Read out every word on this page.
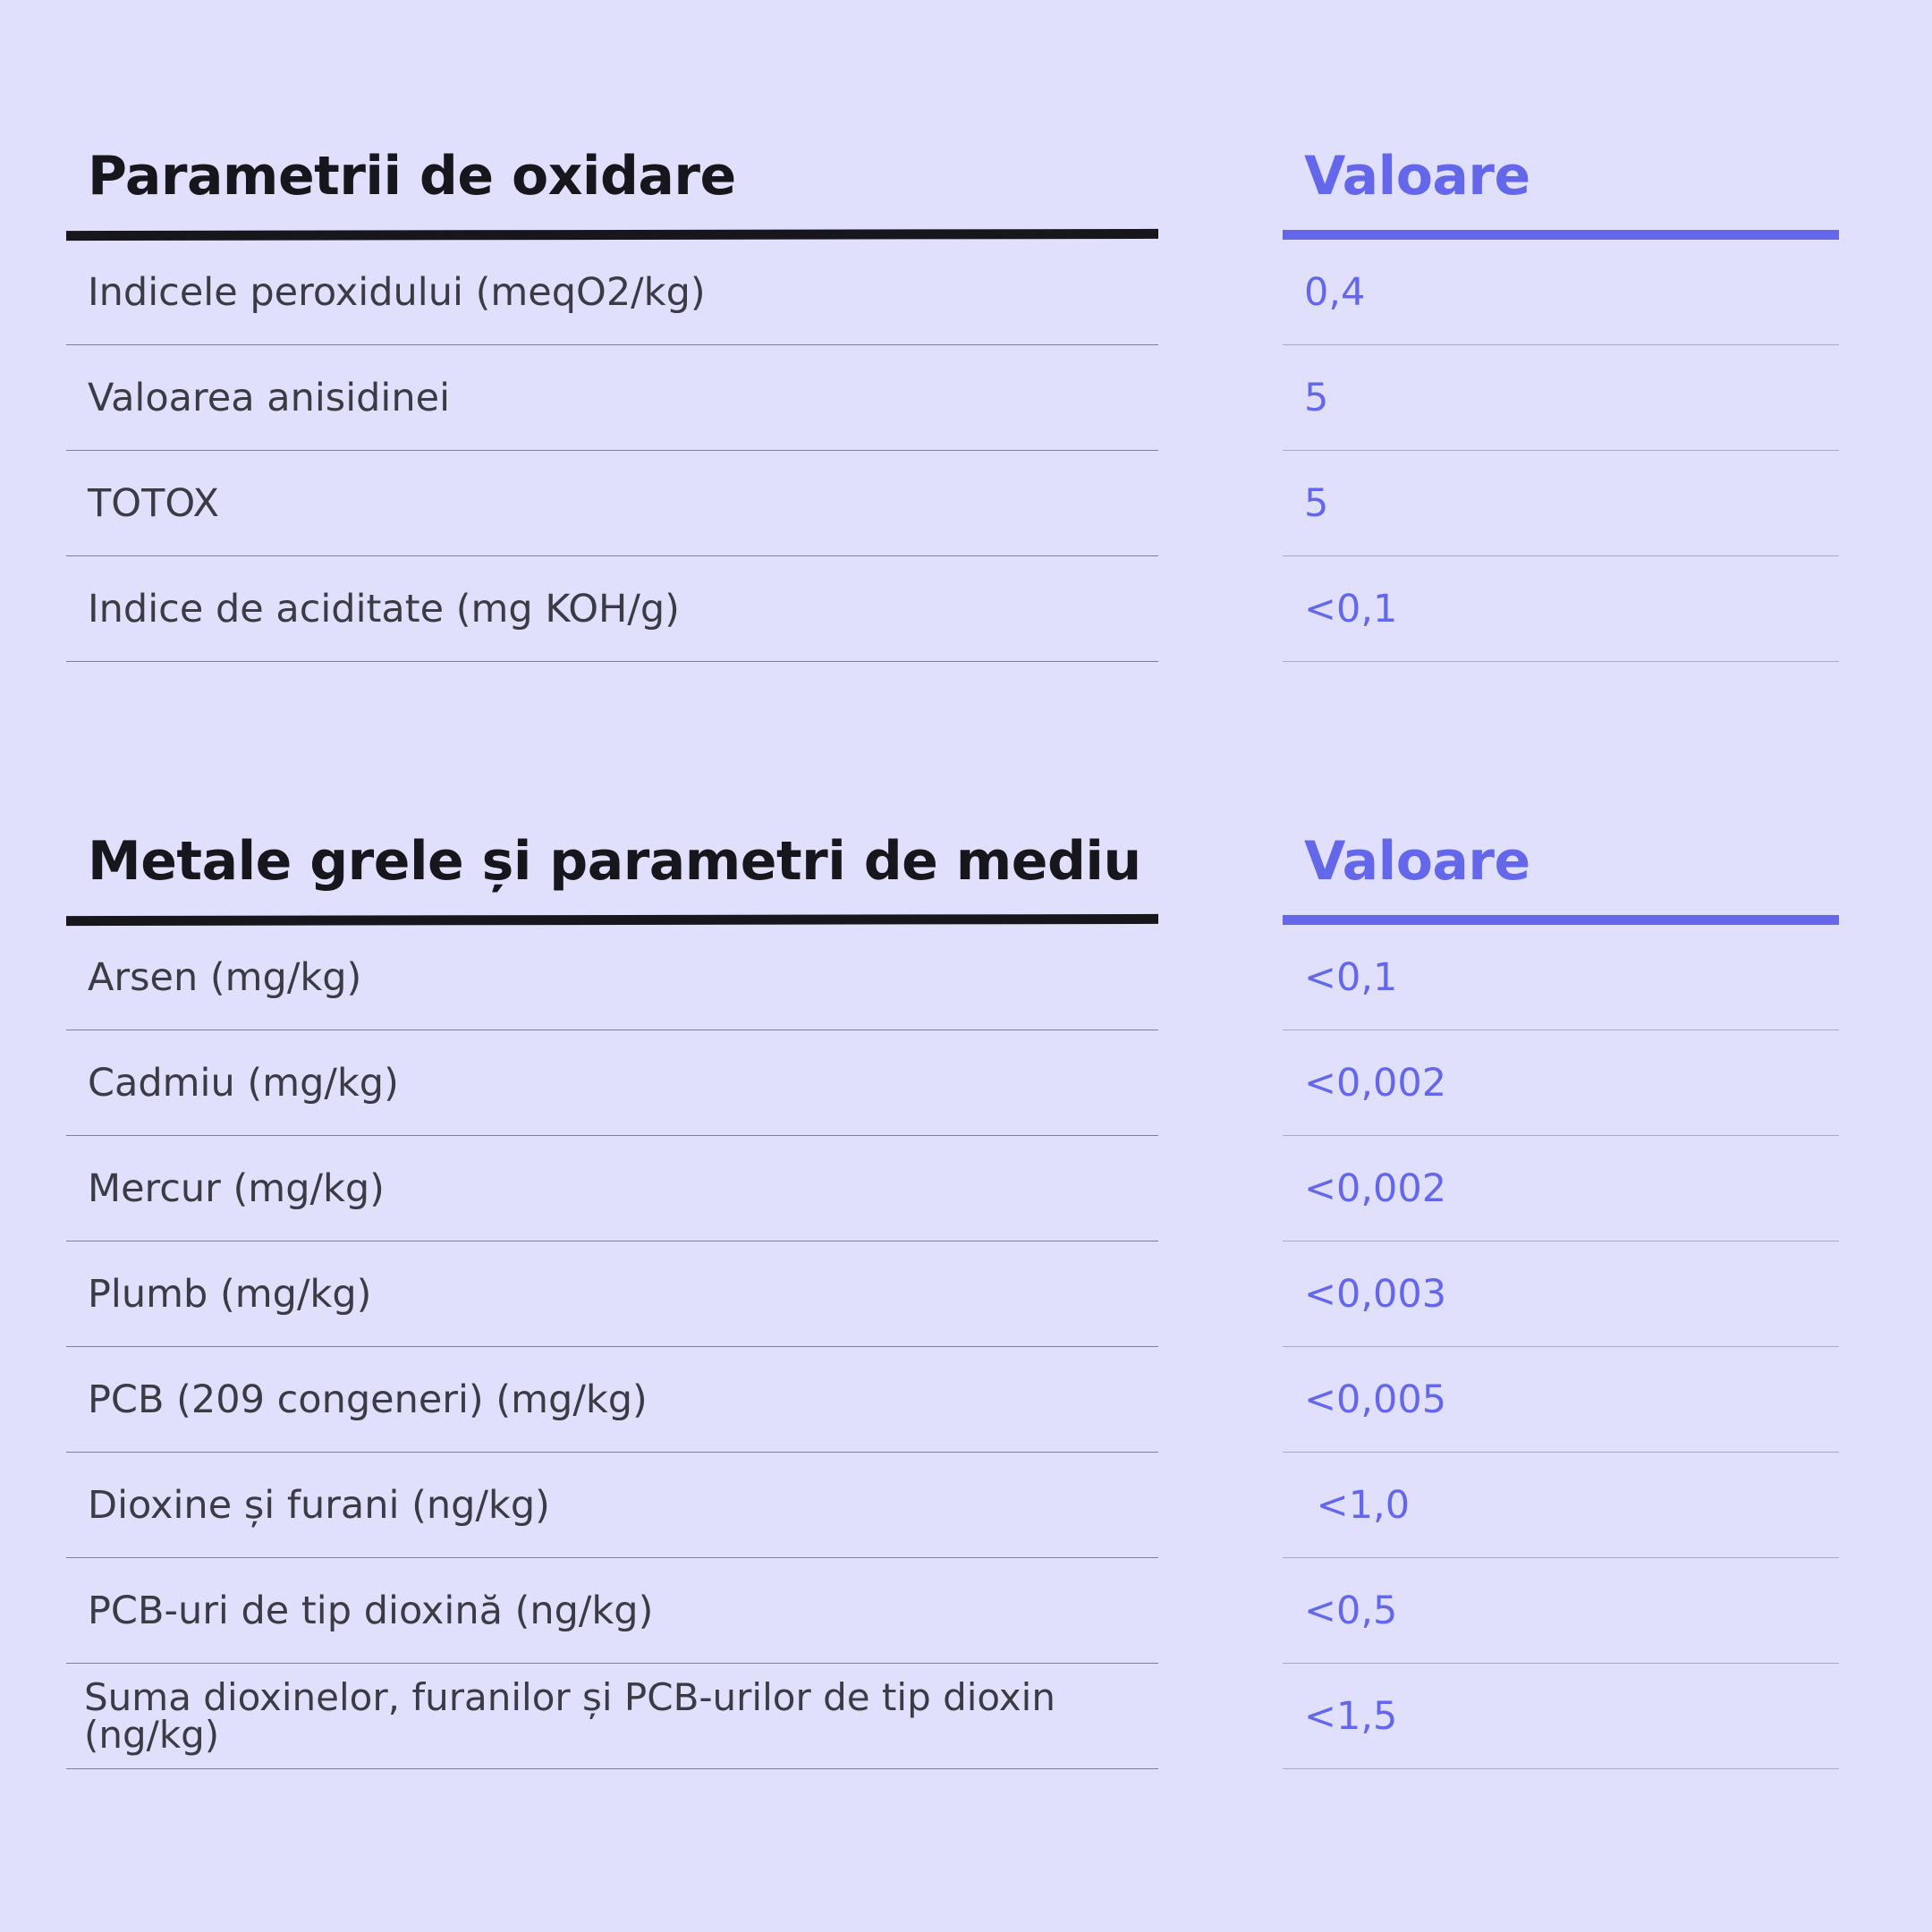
Parametrii de oxidare	Valoare
Indicele peroxidului (meqO2/kg)	0,4
Valoarea anisidinei	5
TOTOX	5
Indice de aciditate (mg KOH/g)	<0,1
Metale grele și parametri de mediu	Valoare
Arsen (mg/kg)	<0,1
Cadmiu (mg/kg)	<0,002
Mercur (mg/kg)	<0,002
Plumb (mg/kg)	<0,003
PCB (209 congeneri) (mg/kg)	<0,005
Dioxine și furani (ng/kg)	<1,0
PCB-uri de tip dioxină (ng/kg)	<0,5
Suma dioxinelor, furanilor și PCB-urilor de tip dioxin (ng/kg)	<1,5
